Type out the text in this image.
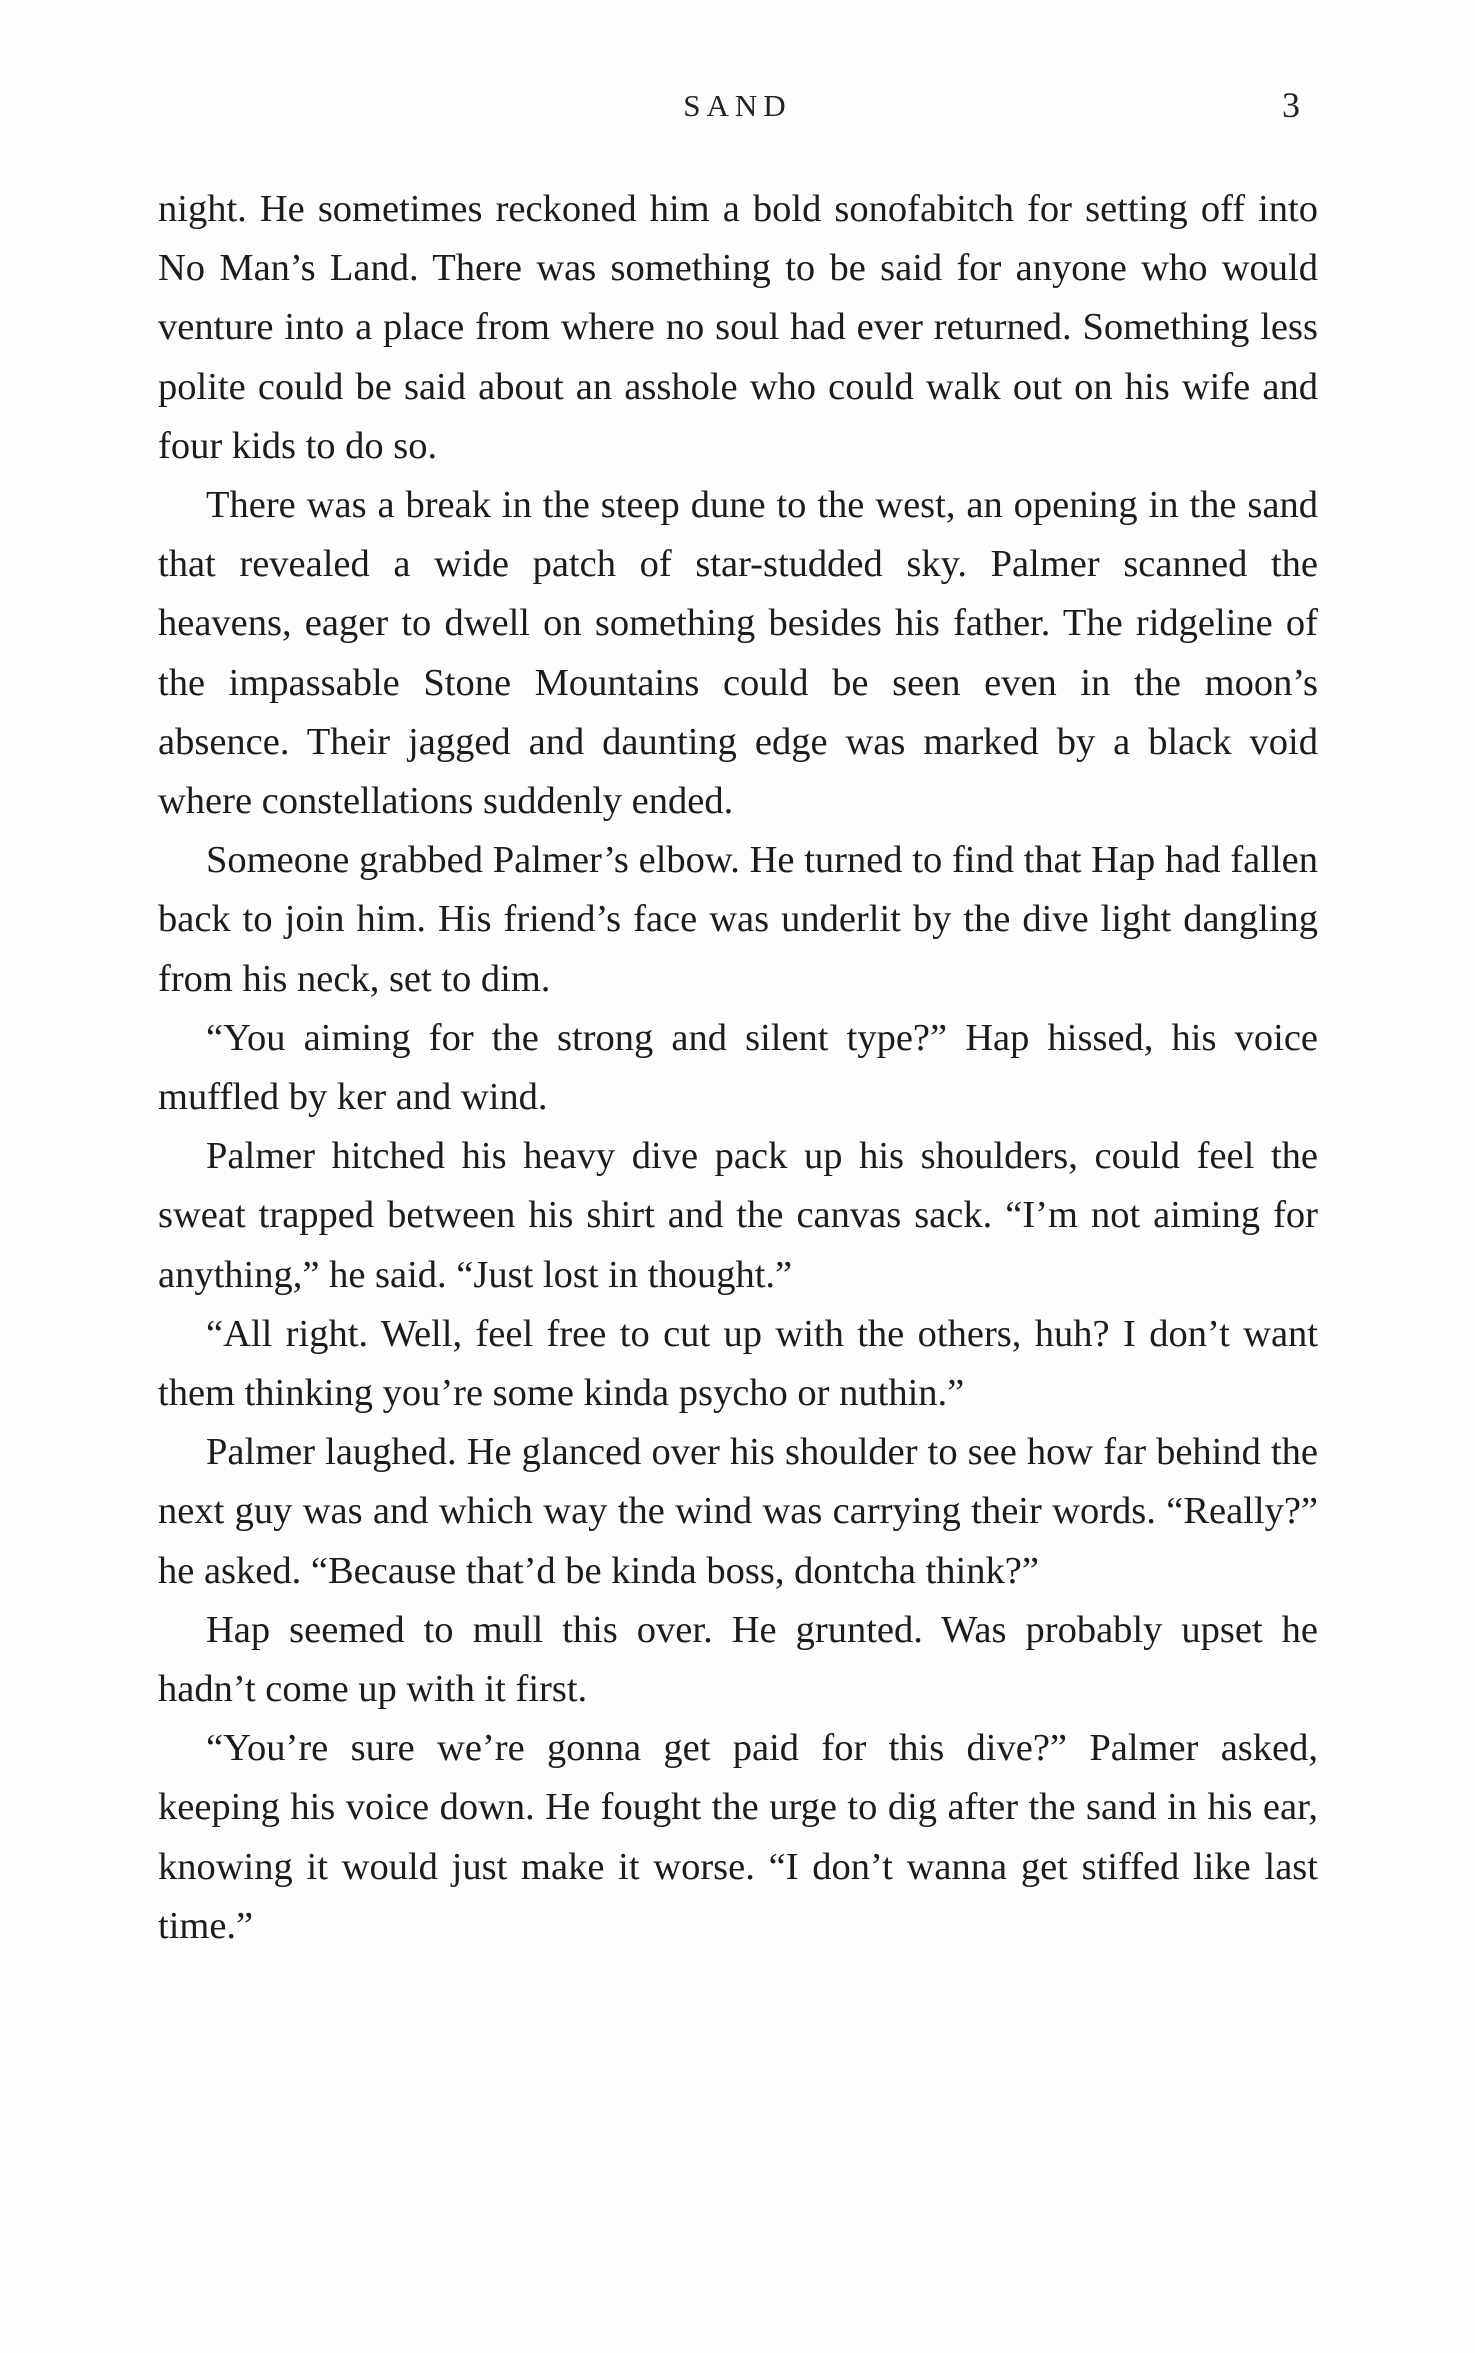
SAND	3

night. He sometimes reckoned him a bold sonofabitch for setting off into No Man’s Land. There was something to be said for anyone who would venture into a place from where no soul had ever returned. Something less polite could be said about an asshole who could walk out on his wife and four kids to do so.

There was a break in the steep dune to the west, an opening in the sand that revealed a wide patch of star-studded sky. Palmer scanned the heavens, eager to dwell on something besides his father. The ridgeline of the impassable Stone Mountains could be seen even in the moon’s absence. Their jagged and daunting edge was marked by a black void where constellations suddenly ended.

Someone grabbed Palmer’s elbow. He turned to find that Hap had fallen back to join him. His friend’s face was underlit by the dive light dangling from his neck, set to dim.

“You aiming for the strong and silent type?” Hap hissed, his voice muffled by ker and wind.

Palmer hitched his heavy dive pack up his shoulders, could feel the sweat trapped between his shirt and the canvas sack. “I’m not aiming for anything,” he said. “Just lost in thought.”

“All right. Well, feel free to cut up with the others, huh? I don’t want them thinking you’re some kinda psycho or nuthin.”

Palmer laughed. He glanced over his shoulder to see how far behind the next guy was and which way the wind was carrying their words. “Really?” he asked. “Because that’d be kinda boss, dontcha think?”

Hap seemed to mull this over. He grunted. Was probably upset he hadn’t come up with it first.

“You’re sure we’re gonna get paid for this dive?” Palmer asked, keeping his voice down. He fought the urge to dig after the sand in his ear, knowing it would just make it worse. “I don’t wanna get stiffed like last time.”
